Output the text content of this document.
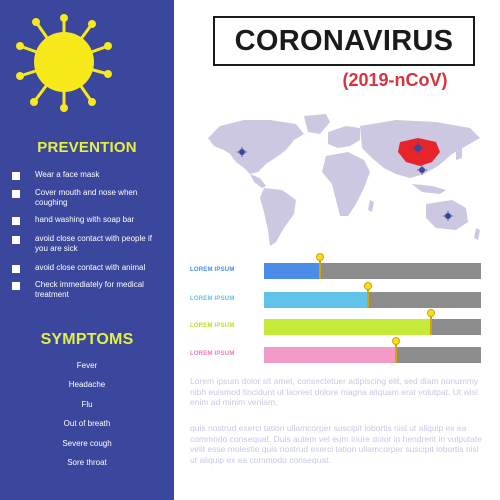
PREVENTION
Wear a face mask
Cover mouth and nose when coughing
hand washing with soap bar
avoid close contact with people if you are sick
avoid close contact with animal
Check immediately for medical treatment
SYMPTOMS
Fever
Headache
Flu
Out of breath
Severe cough
Sore throat
CORONAVIRUS
(2019-nCoV)
LOREM IPSUM
LOREM IPSUM
LOREM IPSUM
LOREM IPSUM

Lorem ipsum dolor sit amet, consectetuer adipiscing elit, sed diam nonummy nibh euismod tincidunt ut laoreet dolore magna aliquam erat volutpat. Ut wisi enim ad minim veniam,

quis nostrud exerci tation ullamcorper suscipit lobortis nisl ut aliquip ex ea commodo consequat. Duis autem vel eum iriure dolor in hendrerit in vulputate velit esse molestie quis nostrud exerci tation ullamcorper suscipit lobortis nisl ut aliquip ex ea commodo consequat.
